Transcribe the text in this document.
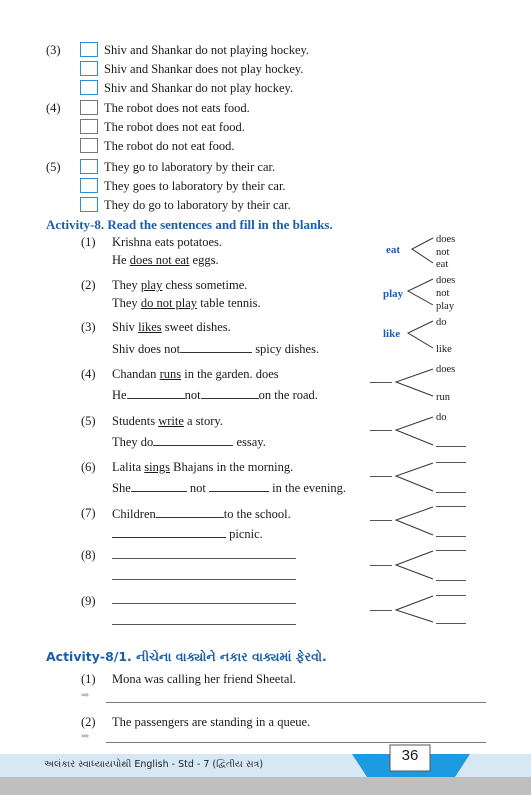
(3)	Shiv and Shankar do not playing hockey.
Shiv and Shankar does not play hockey.
Shiv and Shankar do not play hockey.
(4)	The robot does not eats food.
The robot does not eat food.
The robot do not eat food.
(5)	They go to laboratory by their car.
They goes to laboratory by their car.
They do go to laboratory by their car.
Activity-8. Read the sentences and fill in the blanks.
(1) Krishna eats potatoes.
He does not eat eggs.
eat
does
not
eat
(2) They play chess sometime.
They do not play table tennis.
play
does
not
play
(3) Shiv likes sweet dishes.
Shiv does not	spicy dishes.
like
do
like
(4) Chandan runs in the garden. does
He	not	on the road.
does
run
(5) Students write a story.
They do	essay.
do
(6) Lalita sings Bhajans in the morning.
She	not	in the evening.
(7) Children	to the school.
picnic.
(8)
(9)
Activity-8/1. નીચેના વાક્યોને નકાર વાક્યમાં ફેરવો.
(1) Mona was calling her friend Sheetal.
➡
(2) The passengers are standing in a queue.
➡
36
અલંકાર સ્વાધ્યાયપોથી English - Std - 7 (દ્વિતીય સત્ર)
